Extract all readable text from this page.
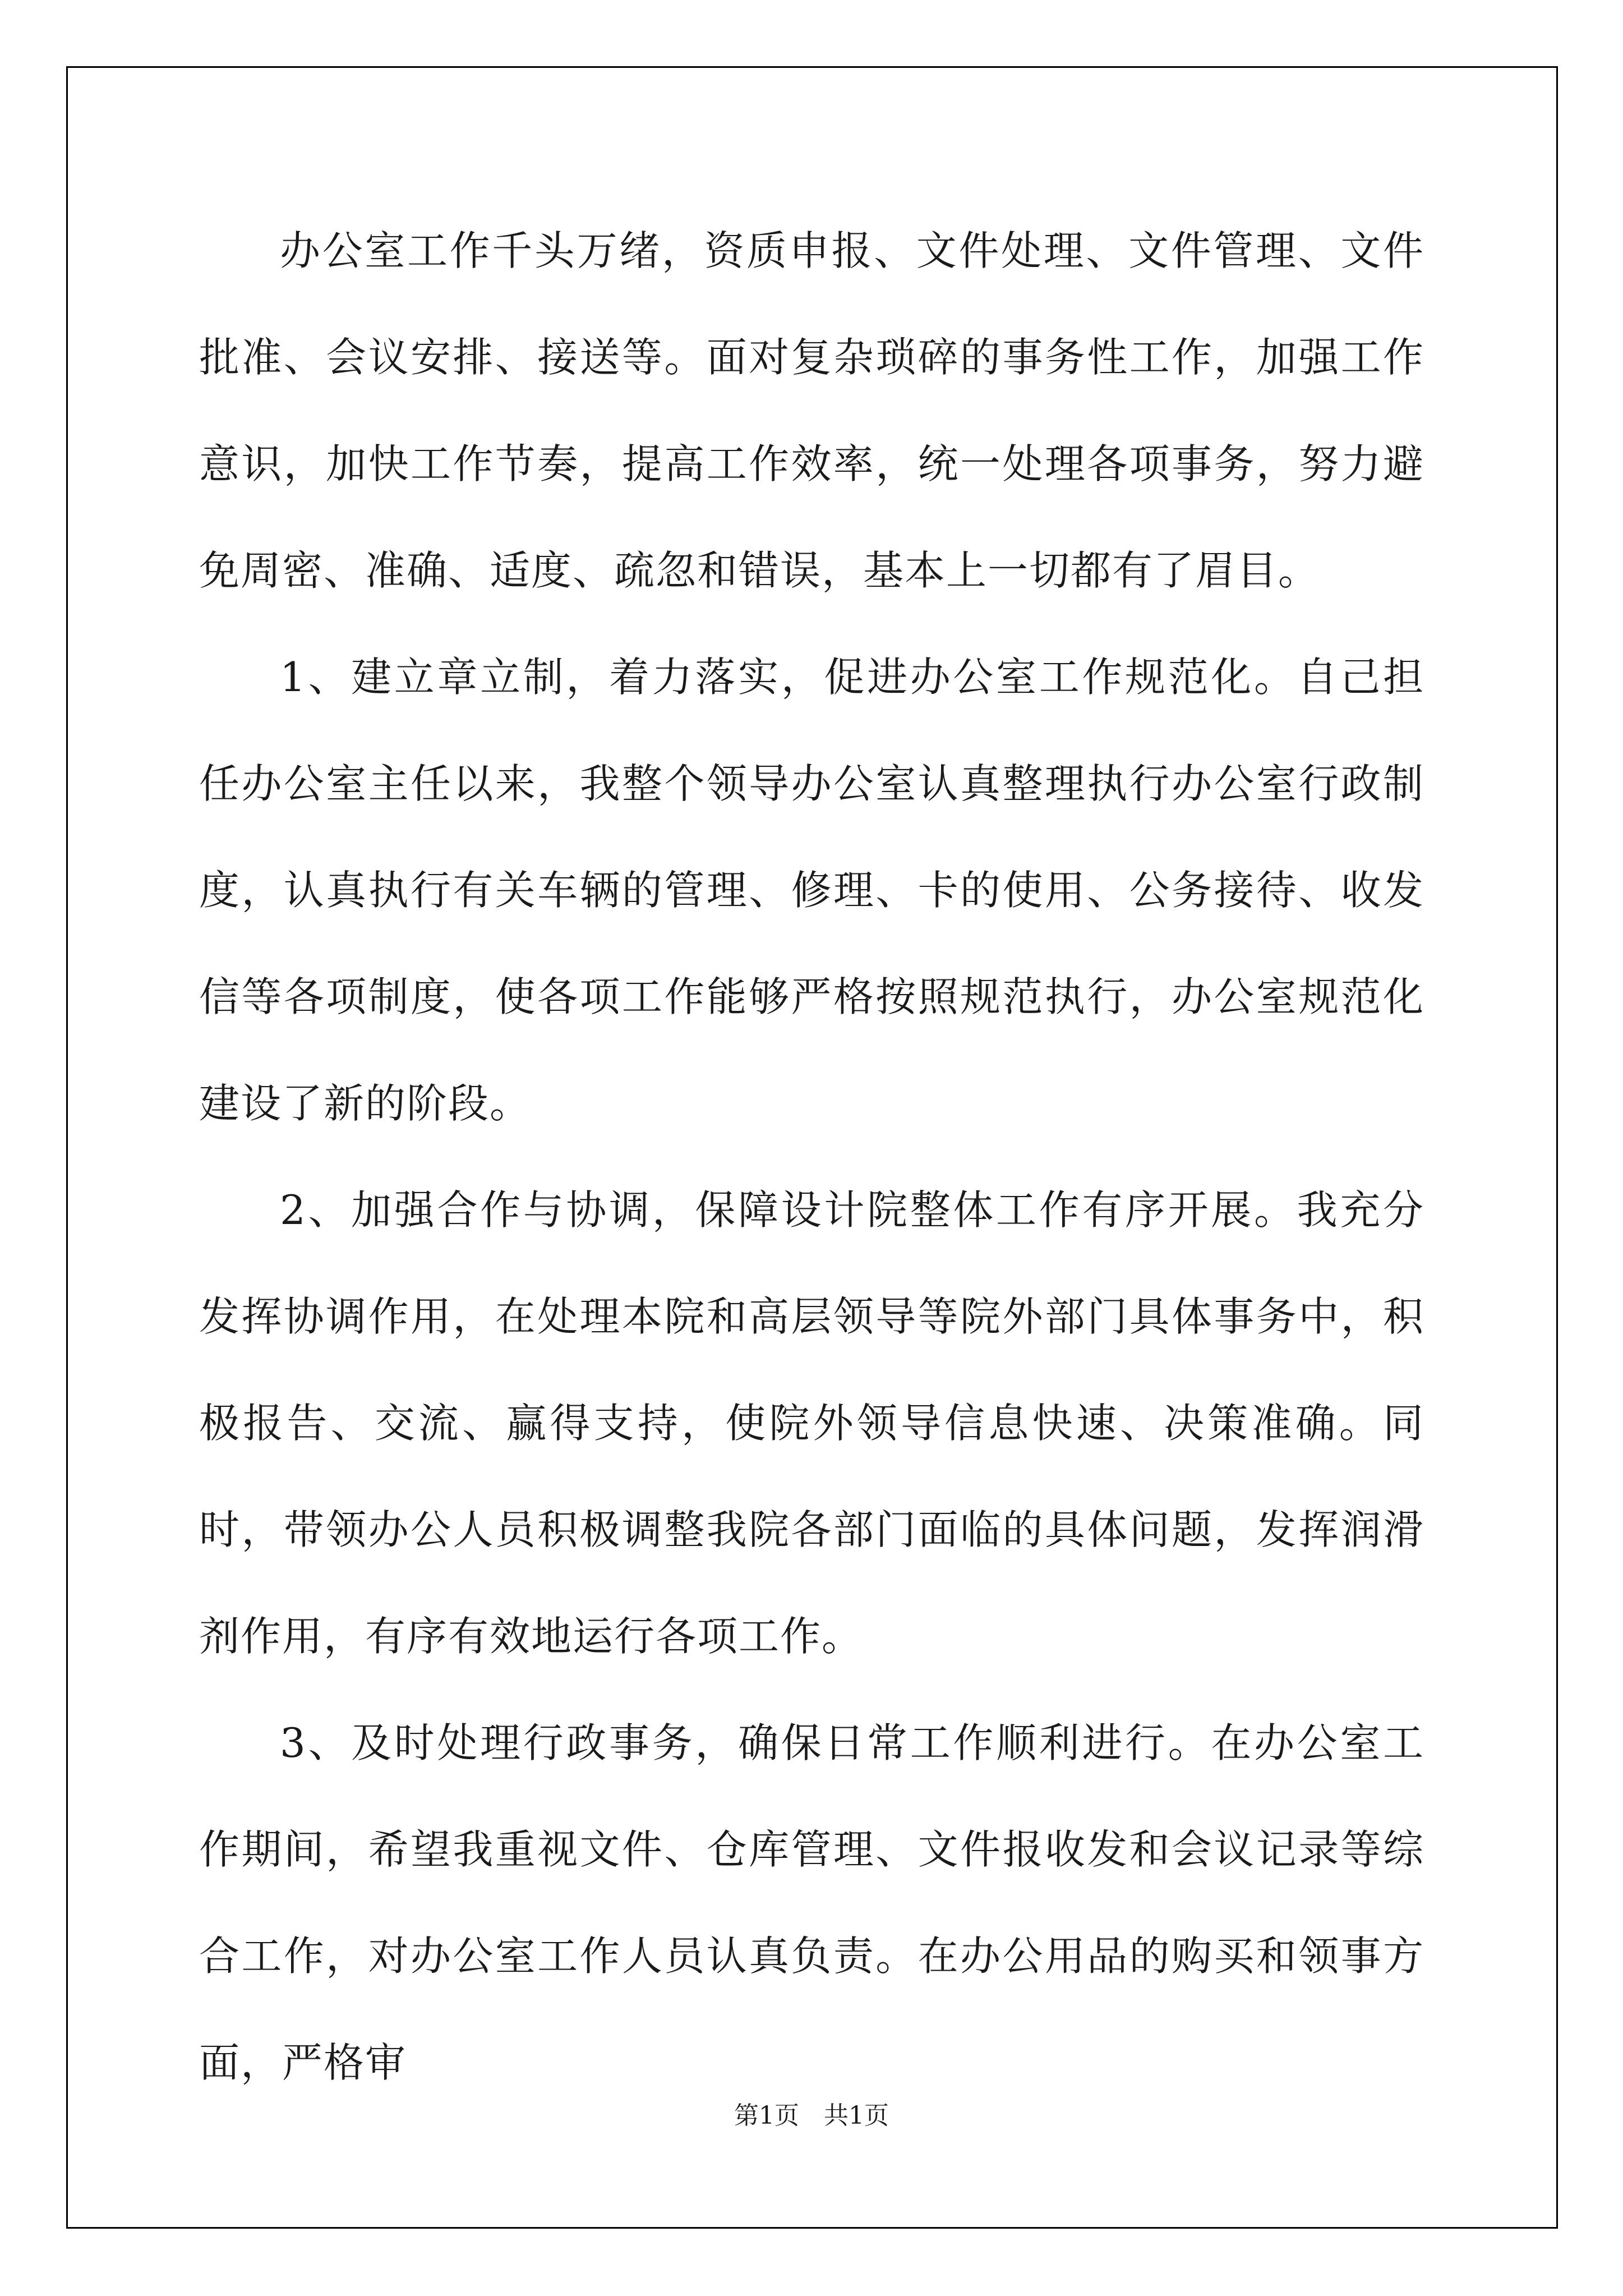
办公室工作千头万绪，资质申报、文件处理、文件管理、文件批准、会议安排、接送等。面对复杂琐碎的事务性工作，加强工作意识，加快工作节奏，提高工作效率，统一处理各项事务，努力避免周密、准确、适度、疏忽和错误，基本上一切都有了眉目。

1、建立章立制，着力落实，促进办公室工作规范化。自己担任办公室主任以来，我整个领导办公室认真整理执行办公室行政制度，认真执行有关车辆的管理、修理、卡的使用、公务接待、收发信等各项制度，使各项工作能够严格按照规范执行，办公室规范化建设了新的阶段。

2、加强合作与协调，保障设计院整体工作有序开展。我充分发挥协调作用，在处理本院和高层领导等院外部门具体事务中，积极报告、交流、赢得支持，使院外领导信息快速、决策准确。同时，带领办公人员积极调整我院各部门面临的具体问题，发挥润滑剂作用，有序有效地运行各项工作。

3、及时处理行政事务，确保日常工作顺利进行。在办公室工作期间，希望我重视文件、仓库管理、文件报收发和会议记录等综合工作，对办公室工作人员认真负责。在办公用品的购买和领事方面，严格审

第1页　共1页
